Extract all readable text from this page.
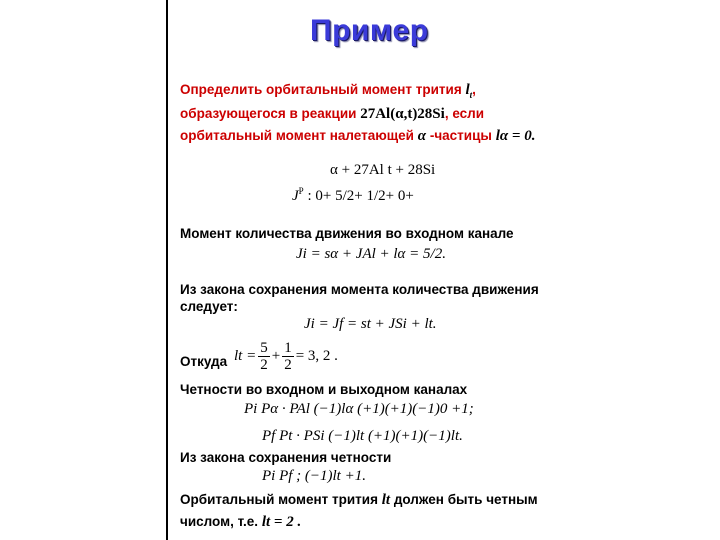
Пример
Определить орбитальный момент трития $l_t$,
образующегося в реакции 27Al(α,t)28Si, если
орбитальный момент налетающей α -частицы lα = 0.
α + 27Al t + 28Si
$J^P$ : 0+ 5/2+ 1/2+ 0+
Момент количества движения во входном канале
Ji = sα + JAl + lα = 5/2.
Из закона сохранения момента количества движения
следует:
Ji = Jf = st + JSi + lt.
Откуда lt = $\frac{5}{2} + \frac{1}{2} = 3$, 2 .
Четности во входном и выходном каналах
Pi Pα · PAl (−1)lα (+1)(+1)(−1)0 +1;
Pf Pt · PSi (−1)lt (+1)(+1)(−1)lt.
Из закона сохранения четности
Pi Pf ; (−1)lt +1.
Орбитальный момент трития lt должен быть четным
числом, т.е. lt = 2 .
